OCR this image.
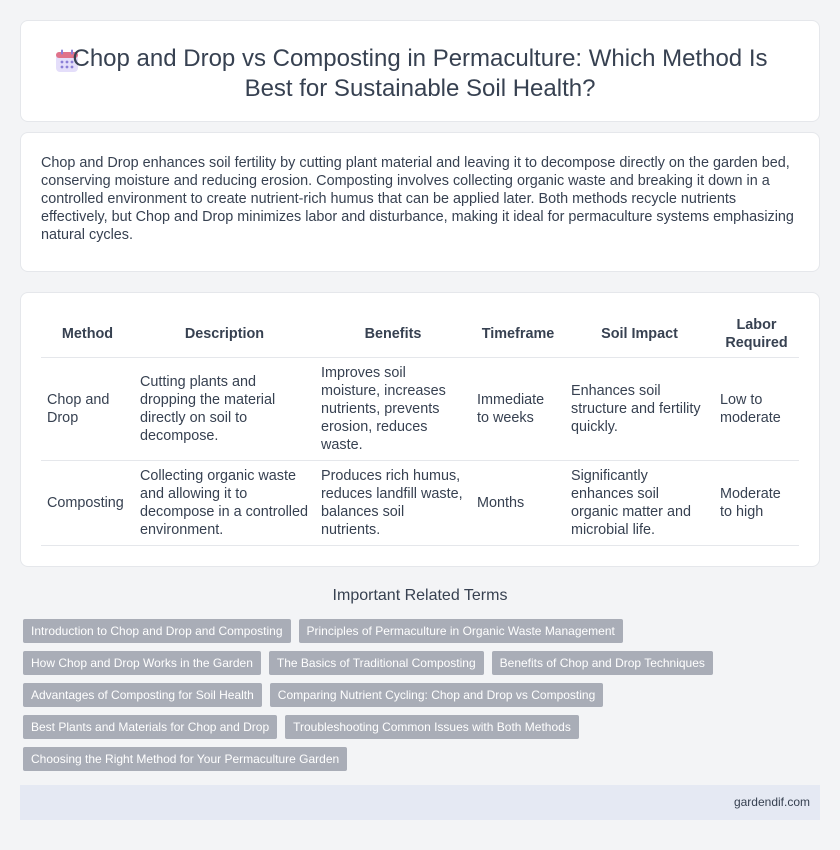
Chop and Drop vs Composting in Permaculture: Which Method Is Best for Sustainable Soil Health?

Chop and Drop enhances soil fertility by cutting plant material and leaving it to decompose directly on the garden bed, conserving moisture and reducing erosion. Composting involves collecting organic waste and breaking it down in a controlled environment to create nutrient-rich humus that can be applied later. Both methods recycle nutrients effectively, but Chop and Drop minimizes labor and disturbance, making it ideal for permaculture systems emphasizing natural cycles.

Method	Description	Benefits	Timeframe	Soil Impact	Labor Required
Chop and Drop	Cutting plants and dropping the material directly on soil to decompose.	Improves soil moisture, increases nutrients, prevents erosion, reduces waste.	Immediate to weeks	Enhances soil structure and fertility quickly.	Low to moderate
Composting	Collecting organic waste and allowing it to decompose in a controlled environment.	Produces rich humus, reduces landfill waste, balances soil nutrients.	Months	Significantly enhances soil organic matter and microbial life.	Moderate to high
Important Related Terms
Introduction to Chop and Drop and Composting	Principles of Permaculture in Organic Waste Management
How Chop and Drop Works in the Garden	The Basics of Traditional Composting	Benefits of Chop and Drop Techniques
Advantages of Composting for Soil Health	Comparing Nutrient Cycling: Chop and Drop vs Composting
Best Plants and Materials for Chop and Drop	Troubleshooting Common Issues with Both Methods
Choosing the Right Method for Your Permaculture Garden
gardendif.com
